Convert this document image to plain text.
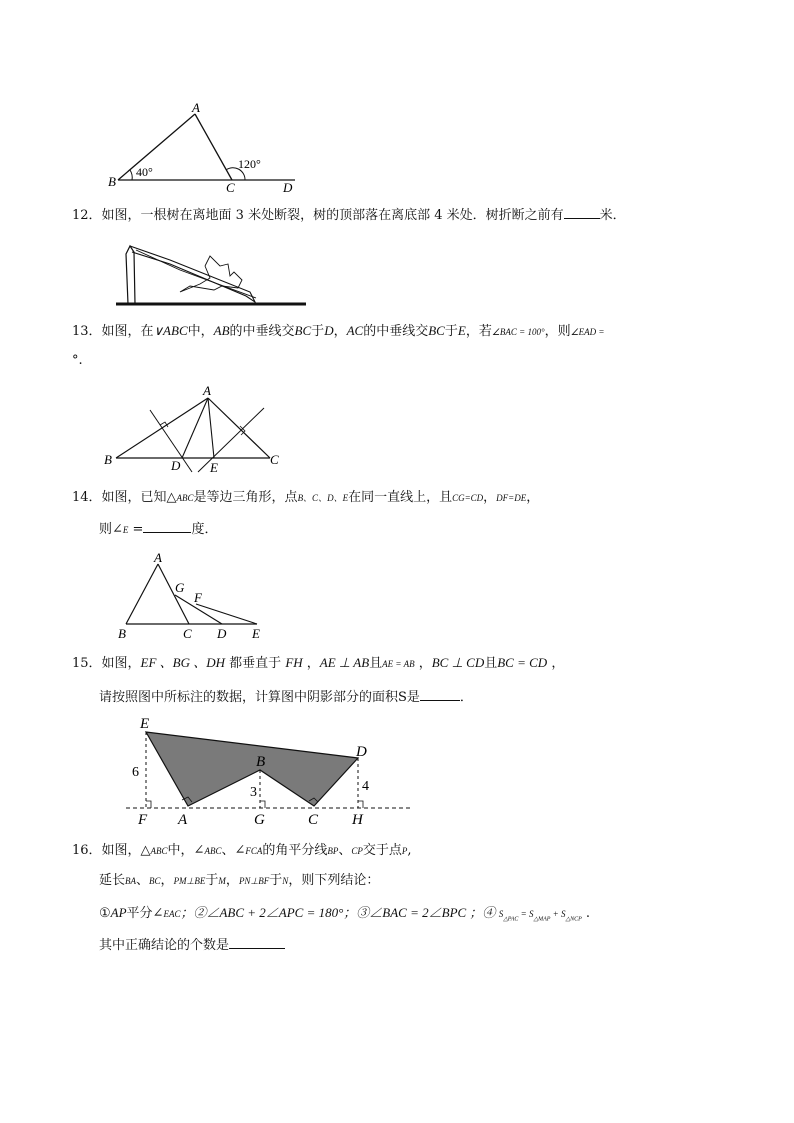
A
B	C	D
40°
120°
12．如图，一根树在离地面 3 米处断裂，树的顶部落在离底部 4 米处．树折断之前有	米．
13．如图，在∨ABC中，AB的中垂线交BC于D，AC的中垂线交BC于E，若∠BAC = 100°，则∠EAD =
°.
A
B	C
D E
14．如图，已知△ABC是等边三角形，点B、C、D、E在同一直线上，且CG=CD，DF=DE，
则∠E =	度．
A
B	C D E
F
G
15．如图，EF 、BG 、DH 都垂直于 FH ，AE ⊥ AB且AE = AB ，BC ⊥ CD且BC = CD ，
请按照图中所标注的数据，计算图中阴影部分的面积S是	．
E
B
D
F A	G	C H
6
3	4
16．如图，△ABC中，∠ABC、∠FCA的角平分线BP、CP交于点P,
延长BA、BC，PM⊥BE于M，PN⊥BF于N，则下列结论：
①AP平分∠EAC；②∠ABC + 2∠APC = 180°；③∠BAC = 2∠BPC ；④ $S_{\triangle PAC} = S_{\triangle MAP} + S_{\triangle NCP}$ .
其中正确结论的个数是
